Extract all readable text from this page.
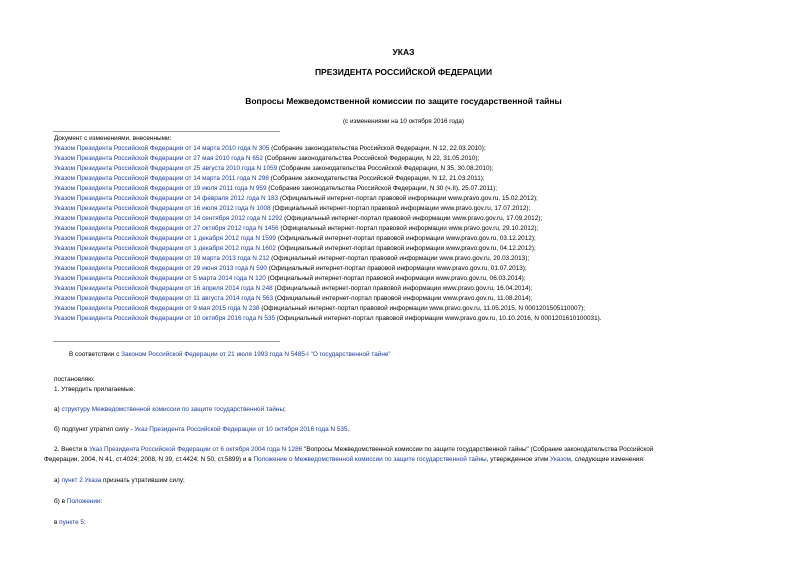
УКАЗ
ПРЕЗИДЕНТА РОССИЙСКОЙ ФЕДЕРАЦИИ
Вопросы Межведомственной комиссии по защите государственной тайны
(с изменениями на 10 октября 2016 года)
Документ с изменениями, внесенными:
Указом Президента Российской Федерации от 14 марта 2010 года N 305 (Собрание законодательства Российской Федерации, N 12, 22.03.2010);
Указом Президента Российской Федерации от 27 мая 2010 года N 652 (Собрание законодательства Российской Федерации, N 22, 31.05.2010);
Указом Президента Российской Федерации от 25 августа 2010 года N 1059 (Собрание законодательства Российской Федерации, N 35, 30.08.2010);
Указом Президента Российской Федерации от 14 марта 2011 года N 298 (Собрание законодательства Российской Федерации, N 12, 21.03.2011);
Указом Президента Российской Федерации от 19 июля 2011 года N 959 (Собрание законодательства Российской Федерации, N 30 (ч.II), 25.07.2011);
Указом Президента Российской Федерации от 14 февраля 2012 года N 183 (Официальный интернет-портал правовой информации www.pravo.gov.ru, 15.02.2012);
Указом Президента Российской Федерации от 16 июля 2012 года N 1008 (Официальный интернет-портал правовой информации www.pravo.gov.ru, 17.07.2012);
Указом Президента Российской Федерации от 14 сентября 2012 года N 1292 (Официальный интернет-портал правовой информации www.pravo.gov.ru, 17.09.2012);
Указом Президента Российской Федерации от 27 октября 2012 года N 1456 (Официальный интернет-портал правовой информации www.pravo.gov.ru, 29.10.2012);
Указом Президента Российской Федерации от 1 декабря 2012 года N 1599 (Официальный интернет-портал правовой информации www.pravo.gov.ru, 03.12.2012);
Указом Президента Российской Федерации от 1 декабря 2012 года N 1602 (Официальный интернет-портал правовой информации www.pravo.gov.ru, 04.12.2012);
Указом Президента Российской Федерации от 19 марта 2013 года N 212 (Официальный интернет-портал правовой информации www.pravo.gov.ru, 20.03.2013);
Указом Президента Российской Федерации от 29 июня 2013 года N 590 (Официальный интернет-портал правовой информации www.pravo.gov.ru, 01.07.2013);
Указом Президента Российской Федерации от 5 марта 2014 года N 120 (Официальный интернет-портал правовой информации www.pravo.gov.ru, 06.03.2014);
Указом Президента Российской Федерации от 16 апреля 2014 года N 248 (Официальный интернет-портал правовой информации www.pravo.gov.ru, 16.04.2014);
Указом Президента Российской Федерации от 11 августа 2014 года N 563 (Официальный интернет-портал правовой информации www.pravo.gov.ru, 11.08.2014);
Указом Президента Российской Федерации от 9 мая 2015 года N 238 (Официальный интернет-портал правовой информации www.pravo.gov.ru, 11.05.2015, N 0001201505110007);
Указом Президента Российской Федерации от 10 октября 2016 года N 535 (Официальный интернет-портал правовой информации www.pravo.gov.ru, 10.10.2016, N 0001201610100031).
В соответствии с Законом Российской Федерации от 21 июля 1993 года N 5485-I "О государственной тайне"
постановляю:
1. Утвердить прилагаемые:
а) структуру Межведомственной комиссии по защите государственной тайны;
б) подпункт утратил силу - Указ Президента Российской Федерации от 10 октября 2016 года N 535.
2. Внести в Указ Президента Российской Федерации от 6 октября 2004 года N 1286 "Вопросы Межведомственной комиссии по защите государственной тайны" (Собрание законодательства Российской
Федерации, 2004, N 41, ст.4024; 2008, N 39, ст.4424; N 50, ст.5899) и в Положение о Межведомственной комиссии по защите государственной тайны, утвержденное этим Указом, следующие изменения:
а) пункт 2 Указа признать утратившим силу;
б) в Положении:
в пункте 5:
